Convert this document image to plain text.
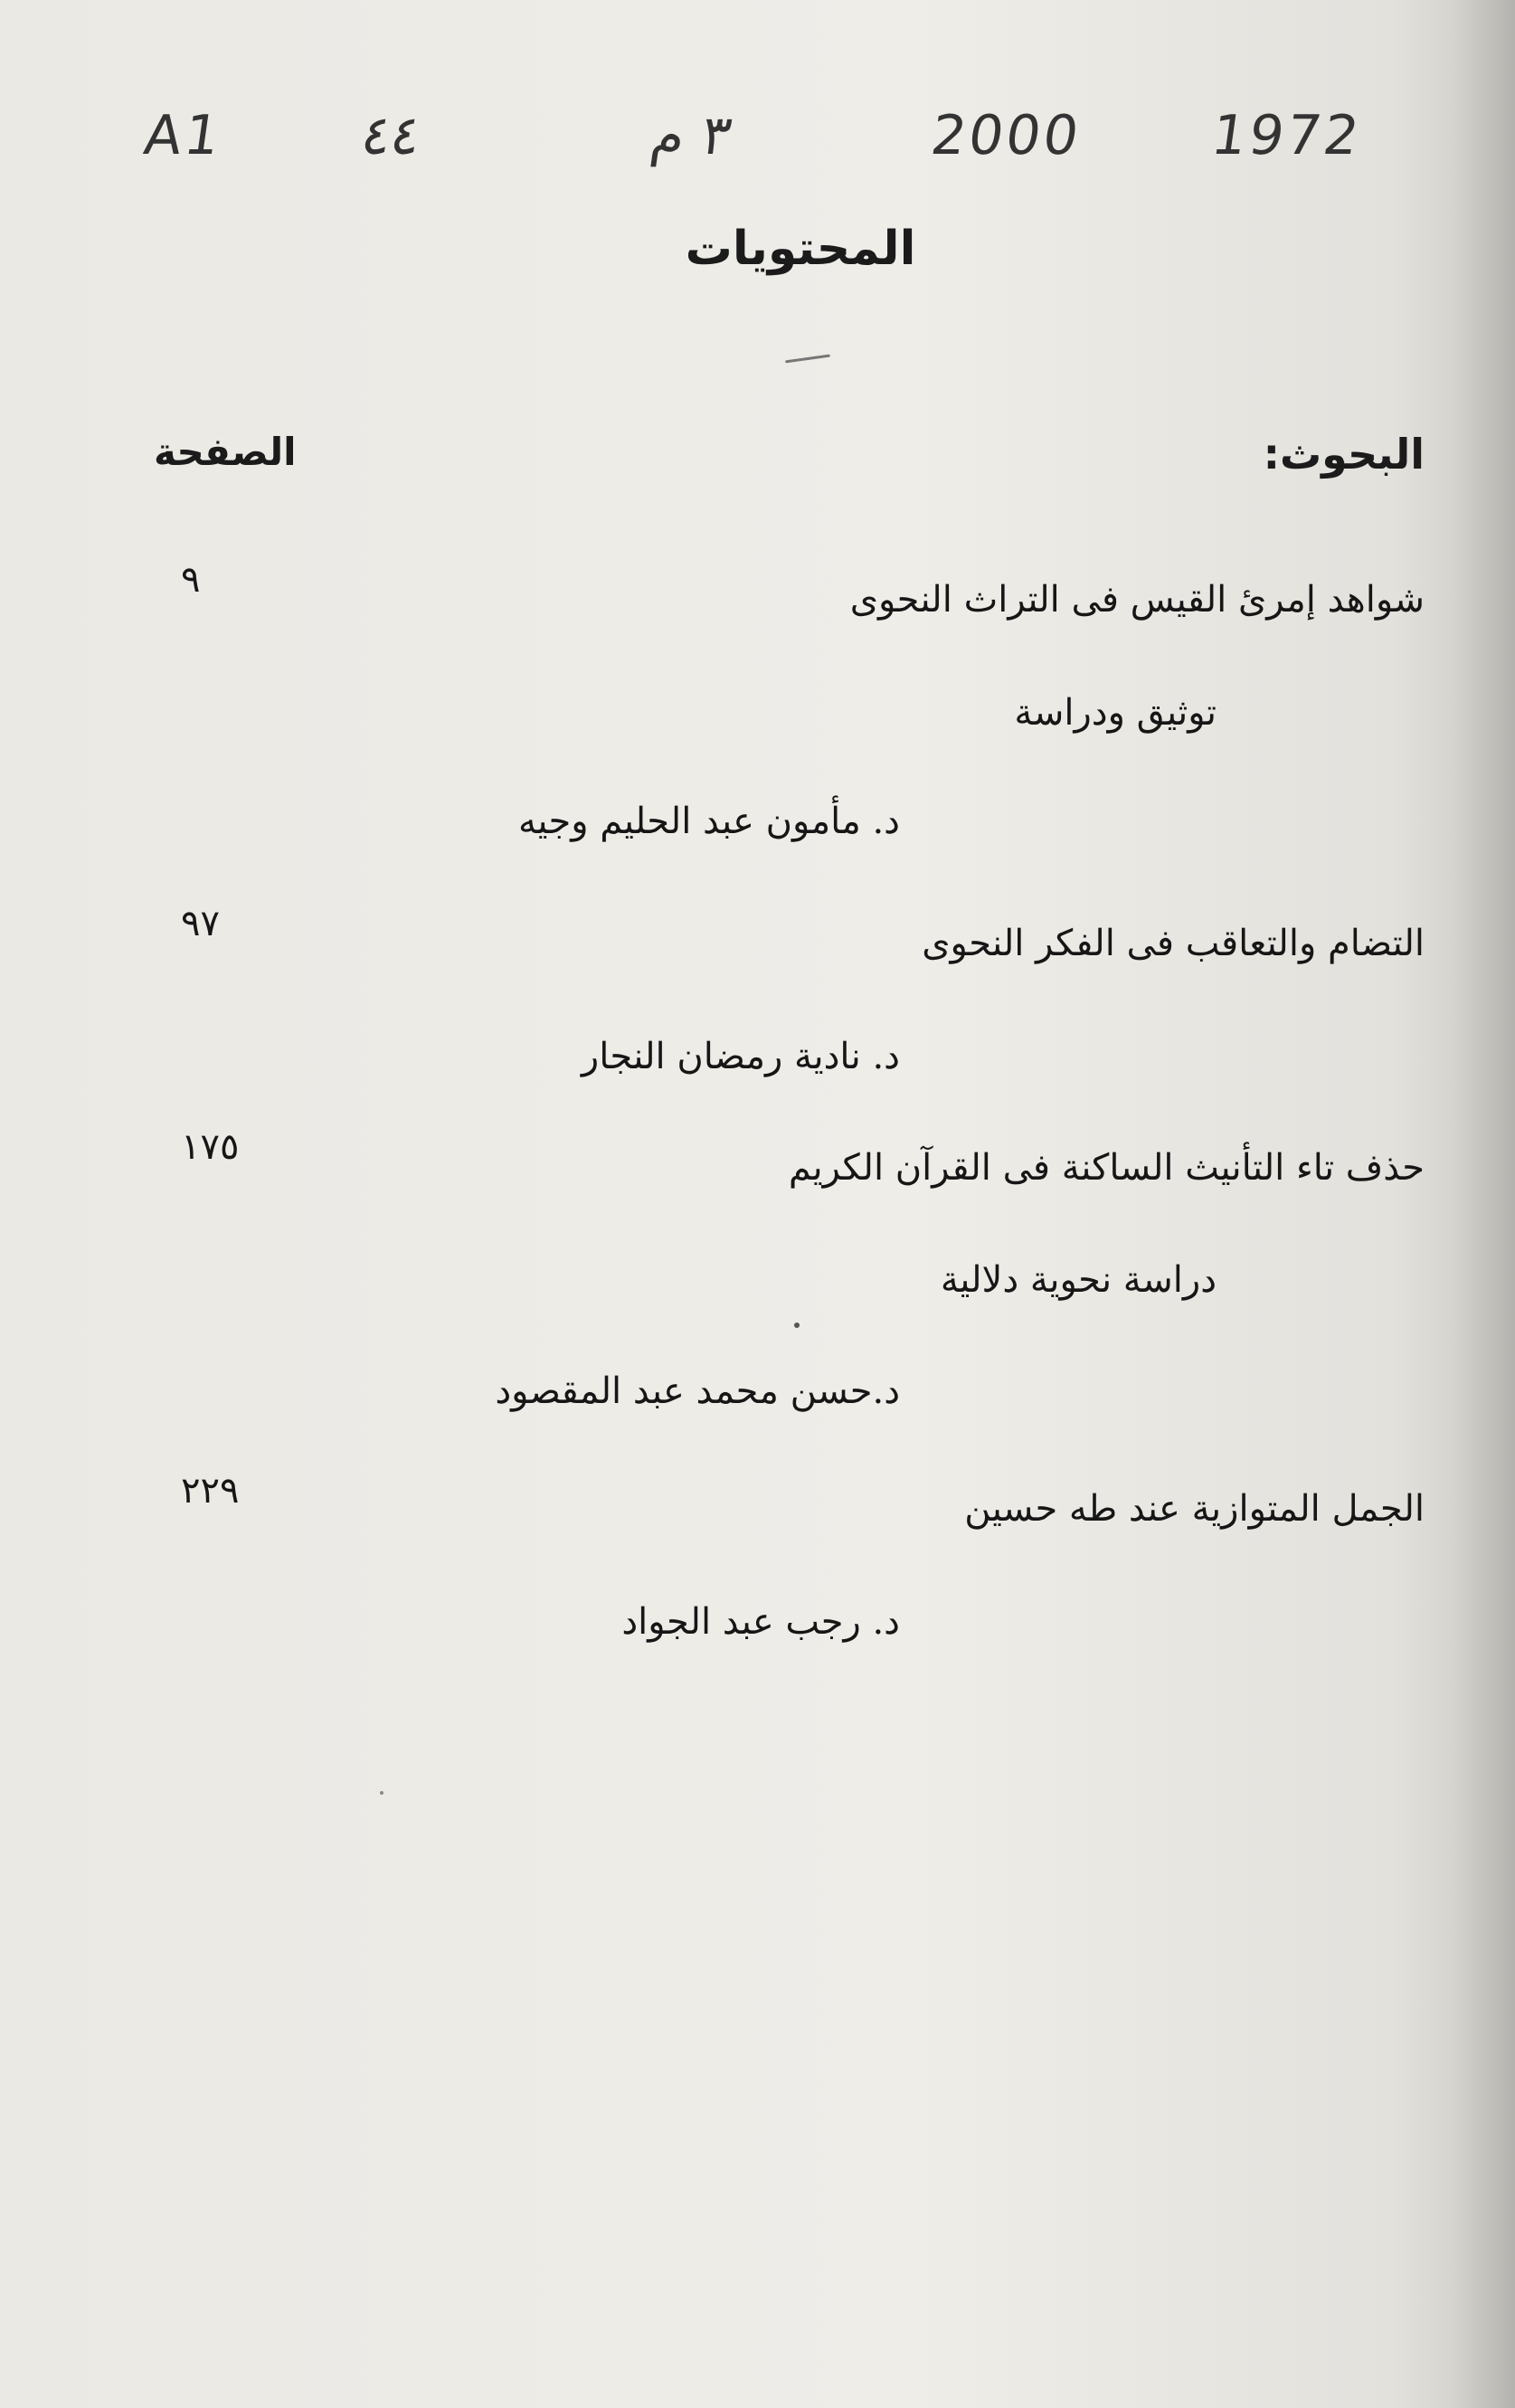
A1 ٤٤	٣ م	2000 1972
المحتويات
البحوث:
الصفحة
٩	شواهد إمرئ القيس فى التراث النحوى
توثيق ودراسة
د. مأمون عبد الحليم وجيه
٩٧	التضام والتعاقب فى الفكر النحوى
د. نادية رمضان النجار
١٧٥	حذف تاء التأنيث الساكنة فى القرآن الكريم
دراسة نحوية دلالية
د.حسن محمد عبد المقصود
٢٢٩	الجمل المتوازية عند طه حسين
د. رجب عبد الجواد
